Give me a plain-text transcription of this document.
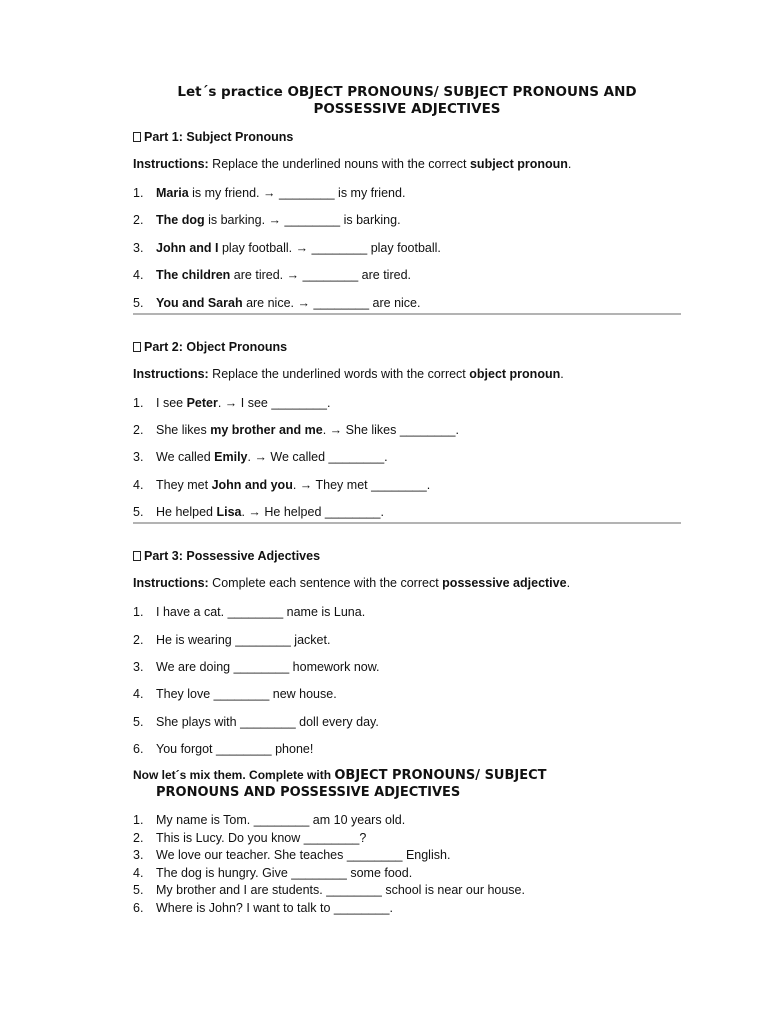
Let´s practice OBJECT PRONOUNS/ SUBJECT PRONOUNS AND
POSSESSIVE ADJECTIVES
Part 1: Subject Pronouns
Instructions: Replace the underlined nouns with the correct subject pronoun.
1.	Maria is my friend. → ________ is my friend.
2.	The dog is barking. → ________ is barking.
3.	John and I play football. → ________ play football.
4.	The children are tired. → ________ are tired.
5.	You and Sarah are nice. → ________ are nice.
Part 2: Object Pronouns
Instructions: Replace the underlined words with the correct object pronoun.
1.	I see Peter. → I see ________.
2.	She likes my brother and me. → She likes ________.
3.	We called Emily. → We called ________.
4.	They met John and you. → They met ________.
5.	He helped Lisa. → He helped ________.
Part 3: Possessive Adjectives
Instructions: Complete each sentence with the correct possessive adjective.
1.	I have a cat. ________ name is Luna.
2.	He is wearing ________ jacket.
3.	We are doing ________ homework now.
4.	They love ________ new house.
5.	She plays with ________ doll every day.
6.	You forgot ________ phone!
Now let´s mix them. Complete with OBJECT PRONOUNS/ SUBJECT
PRONOUNS AND POSSESSIVE ADJECTIVES
1.	My name is Tom. ________ am 10 years old.
2.	This is Lucy. Do you know ________?
3.	We love our teacher. She teaches ________ English.
4.	The dog is hungry. Give ________ some food.
5.	My brother and I are students. ________ school is near our house.
6.	Where is John? I want to talk to ________.
